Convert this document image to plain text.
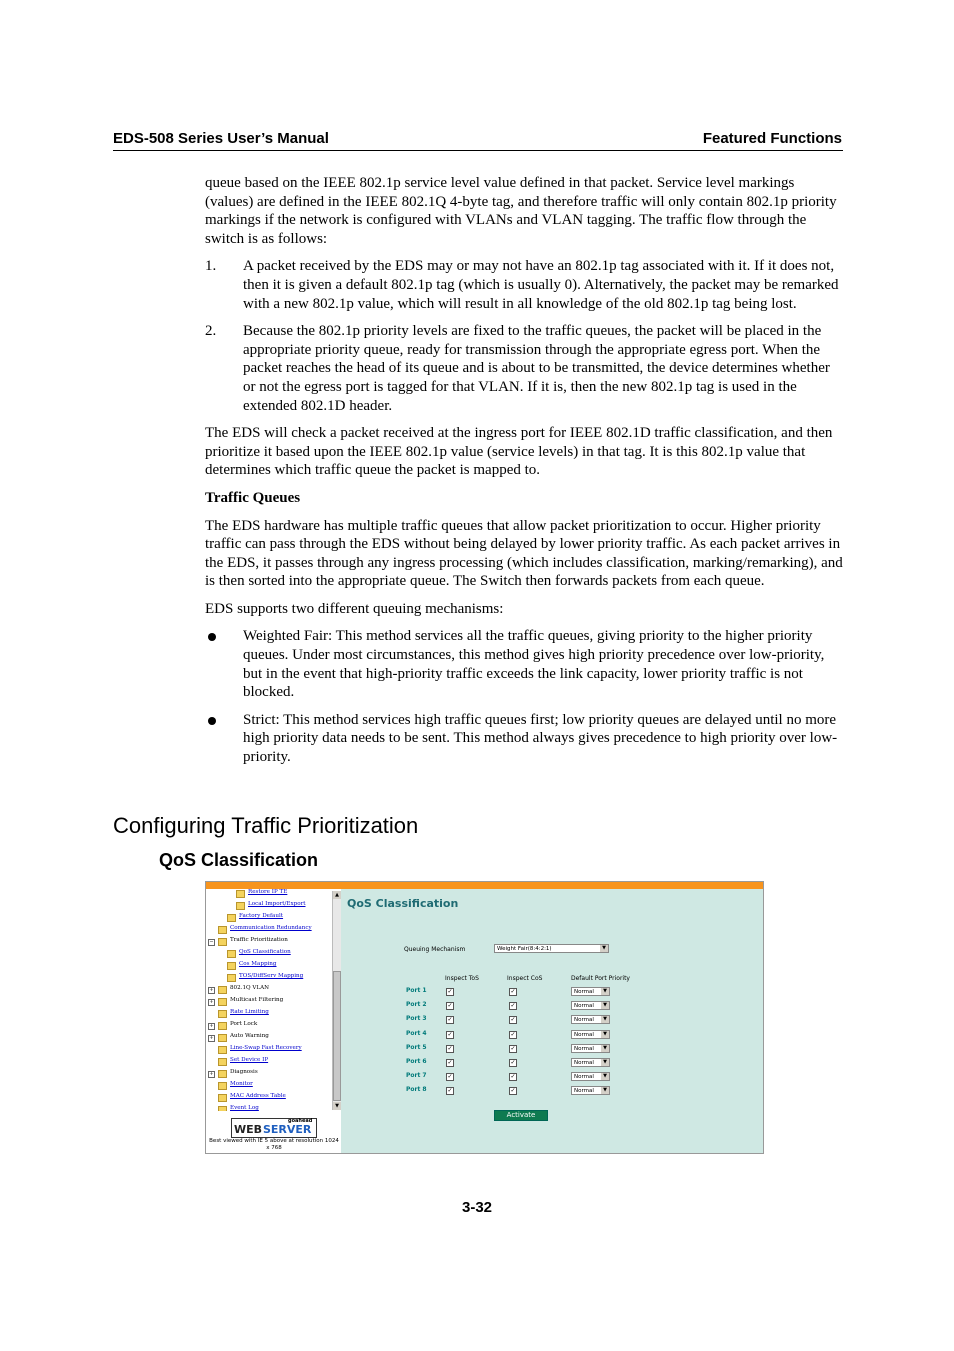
EDS-508 Series User’s Manual	Featured Functions

queue based on the IEEE 802.1p service level value defined in that packet. Service level markings (values) are defined in the IEEE 802.1Q 4-byte tag, and therefore traffic will only contain 802.1p priority markings if the network is configured with VLANs and VLAN tagging. The traffic flow through the switch is as follows:

1. A packet received by the EDS may or may not have an 802.1p tag associated with it. If it does not, then it is given a default 802.1p tag (which is usually 0). Alternatively, the packet may be remarked with a new 802.1p value, which will result in all knowledge of the old 802.1p tag being lost.
2. Because the 802.1p priority levels are fixed to the traffic queues, the packet will be placed in the appropriate priority queue, ready for transmission through the appropriate egress port. When the packet reaches the head of its queue and is about to be transmitted, the device determines whether or not the egress port is tagged for that VLAN. If it is, then the new 802.1p tag is used in the extended 802.1D header.

The EDS will check a packet received at the ingress port for IEEE 802.1D traffic classification, and then prioritize it based upon the IEEE 802.1p value (service levels) in that tag. It is this 802.1p value that determines which traffic queue the packet is mapped to.

Traffic Queues

The EDS hardware has multiple traffic queues that allow packet prioritization to occur. Higher priority traffic can pass through the EDS without being delayed by lower priority traffic. As each packet arrives in the EDS, it passes through any ingress processing (which includes classification, marking/remarking), and is then sorted into the appropriate queue. The Switch then forwards packets from each queue.

EDS supports two different queuing mechanisms:

Weighted Fair: This method services all the traffic queues, giving priority to the higher priority queues. Under most circumstances, this method gives high priority precedence over low-priority, but in the event that high-priority traffic exceeds the link capacity, lower priority traffic is not blocked.
Strict: This method services high traffic queues first; low priority queues are delayed until no more high priority data needs to be sent. This method always gives precedence to high priority over low-priority.
Configuring Traffic Prioritization
QoS Classification
Restore IP TE
Local Import/Export
Factory Default
Communication Redundancy
−	Traffic Prioritization
QoS Classification
Cos Mapping
TOS/DiffServ Mapping
+	802.1Q VLAN
+	Multicast Filtering
Rate Limiting
+	Port Lock
+	Auto Warning
Line-Swap Fast Recovery
Set Device IP
+	Diagnosis
Monitor
MAC Address Table
Event Log
▲
▼
goahead
WEB SERVER
Best viewed with IE 5 above at resolution 1024 x 768
QoS Classification
Queuing Mechanism	Weight Fair(8:4:2:1)	▼
Inspect ToS	Inspect CoS	Default Port Priority
Port 1	✓	✓	Normal	▼
Port 2	✓	✓	Normal	▼
Port 3	✓	✓	Normal	▼
Port 4	✓	✓	Normal	▼
Port 5	✓	✓	Normal	▼
Port 6	✓	✓	Normal	▼
Port 7	✓	✓	Normal	▼
Port 8	✓	✓	Normal	▼
Activate
3-32
